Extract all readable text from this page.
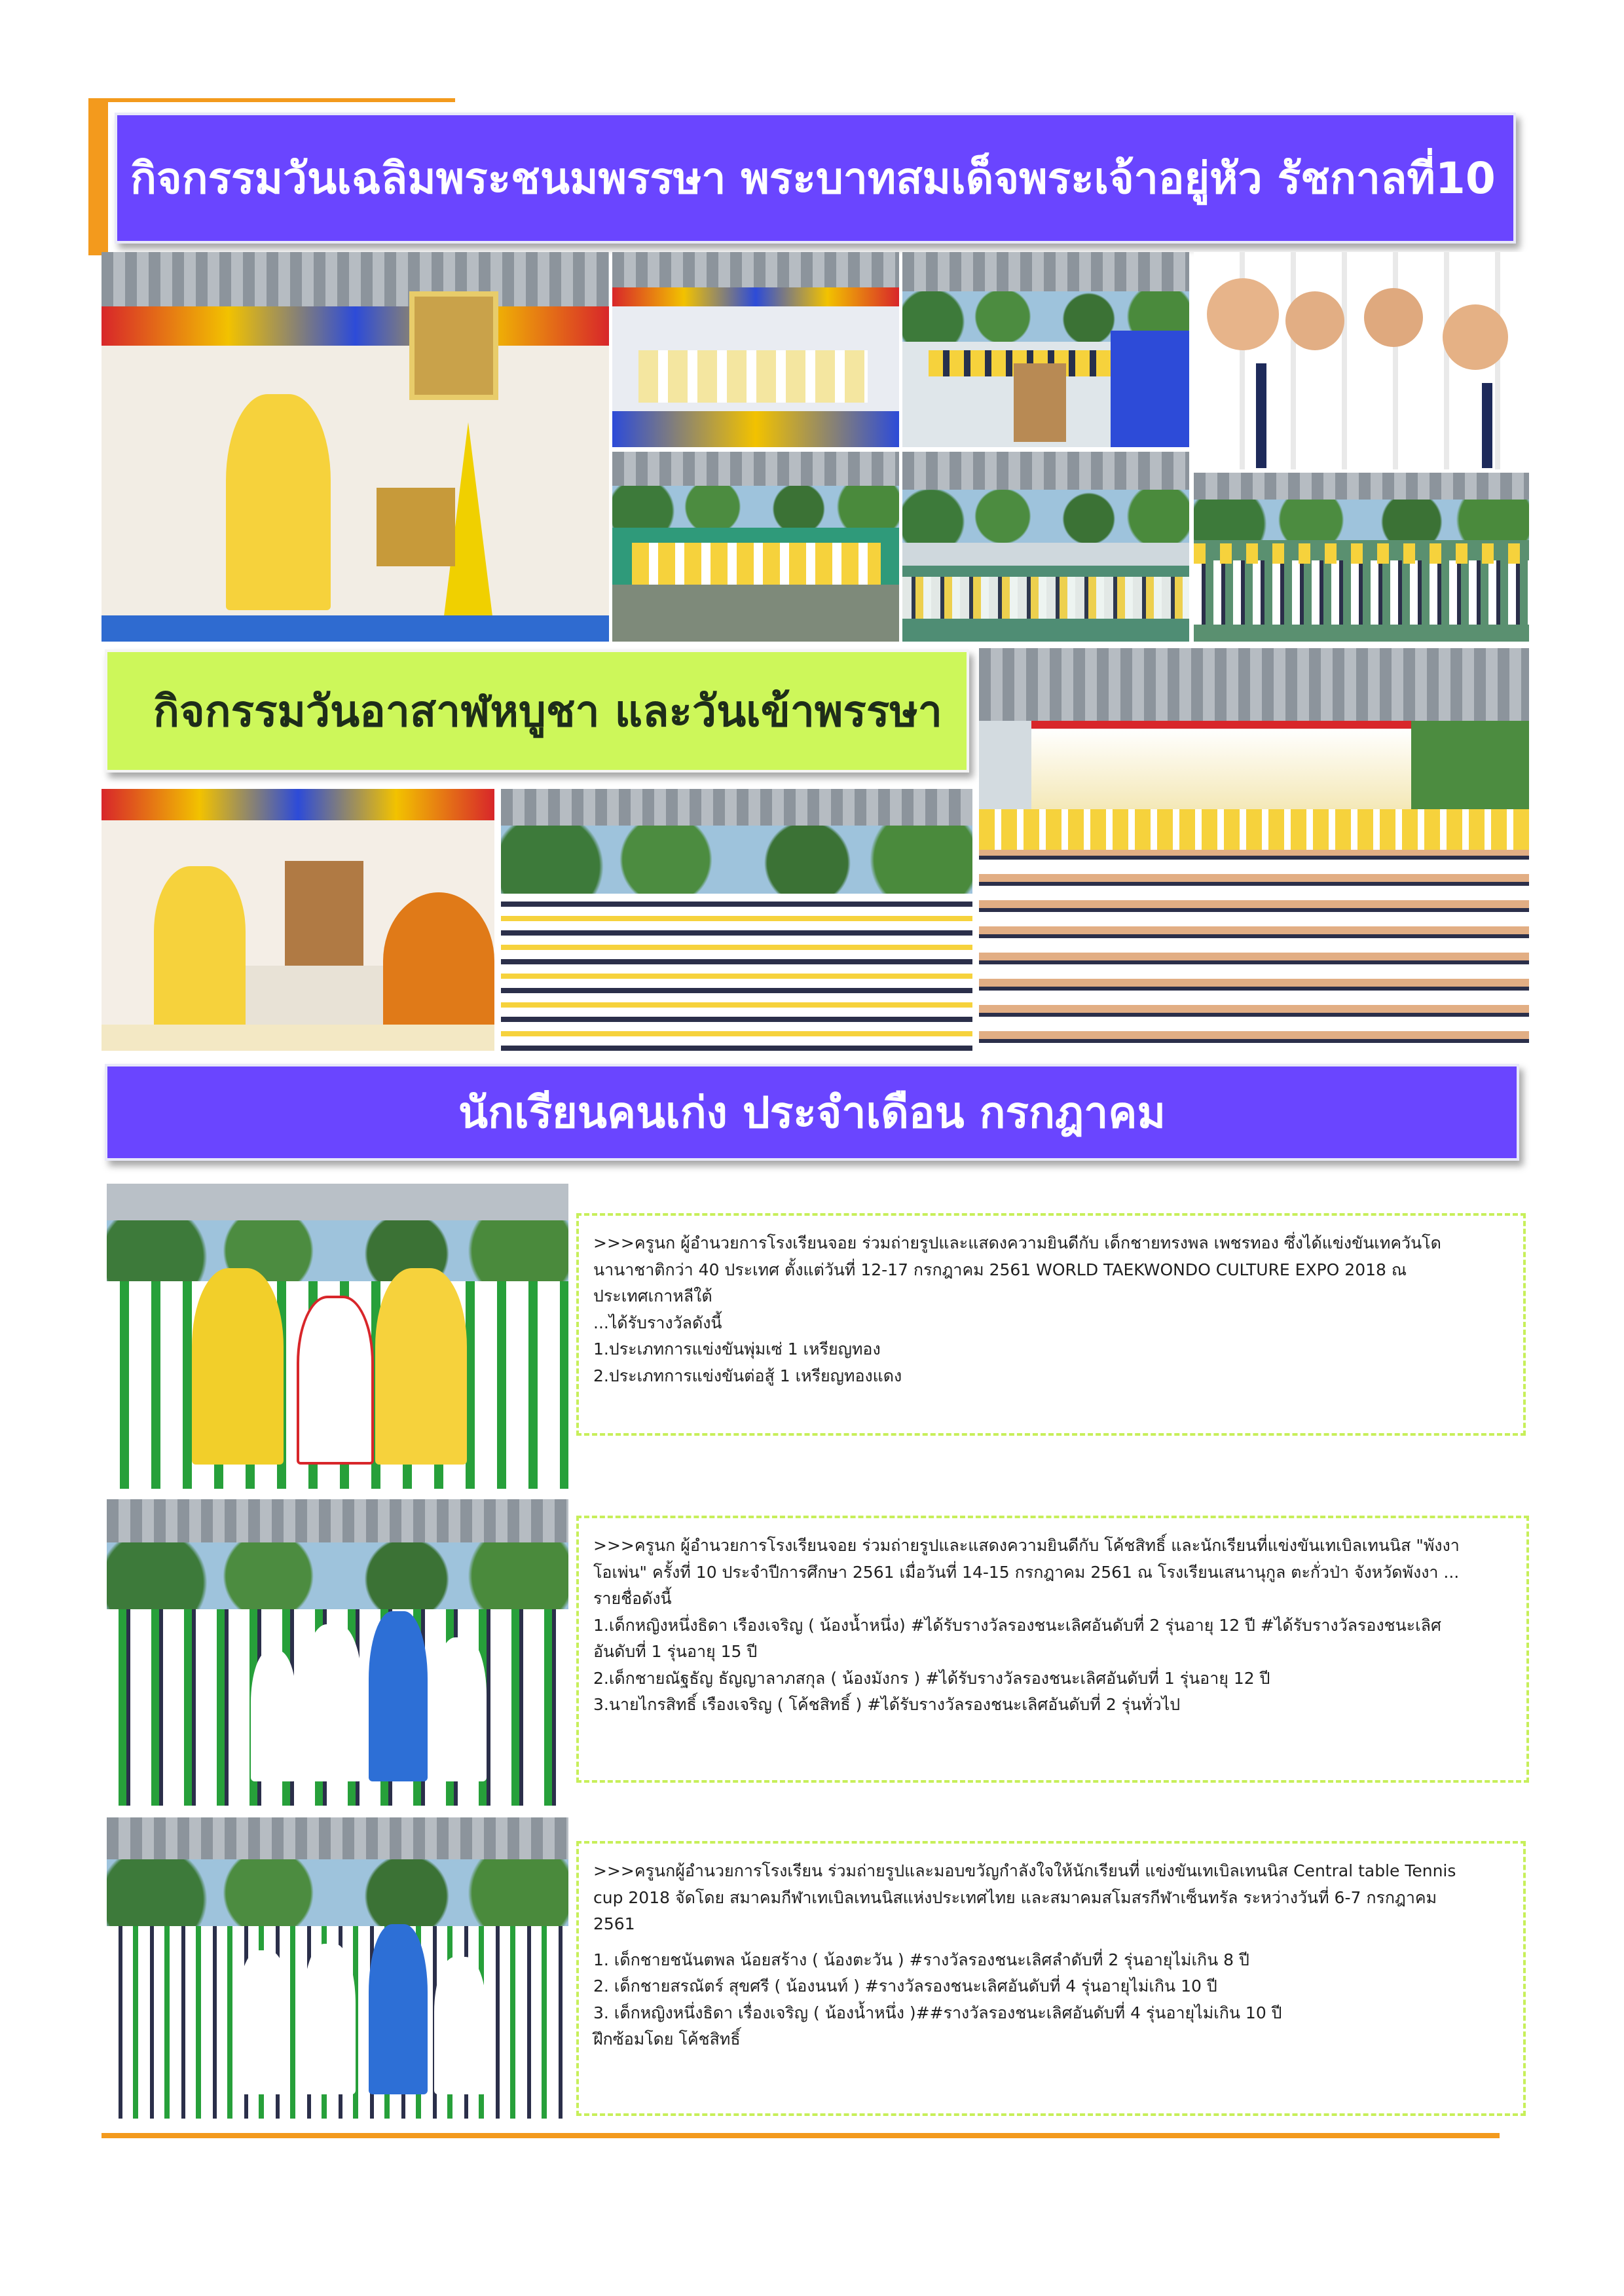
กิจกรรมวันเฉลิมพระชนมพรรษา พระบาทสมเด็จพระเจ้าอยู่หัว รัชกาลที่10
กิจกรรมวันอาสาฬหบูชา และวันเข้าพรรษา
นักเรียนคนเก่ง ประจำเดือน กรกฎาคม

>>>ครูนก ผู้อำนวยการโรงเรียนจอย ร่วมถ่ายรูปและแสดงความยินดีกับ เด็กชายทรงพล เพชรทอง ซึ่งได้แข่งขันเทควันโด

นานาชาติกว่า 40 ประเทศ ตั้งแต่วันที่ 12-17 กรกฎาคม 2561 WORLD TAEKWONDO CULTURE EXPO 2018 ณ

ประเทศเกาหลีใต้

...ได้รับรางวัลดังนี้

1.ประเภทการแข่งขันพุ่มเซ่ 1 เหรียญทอง

2.ประเภทการแข่งขันต่อสู้ 1 เหรียญทองแดง

>>>ครูนก ผู้อำนวยการโรงเรียนจอย ร่วมถ่ายรูปและแสดงความยินดีกับ โค้ชสิทธิ์ และนักเรียนที่แข่งขันเทเบิลเทนนิส "พังงา

โอเพ่น" ครั้งที่ 10 ประจำปีการศึกษา 2561 เมื่อวันที่ 14-15 กรกฎาคม 2561 ณ โรงเรียนเสนานุกูล ตะกั่วป่า จังหวัดพังงา ...

รายชื่อดังนี้

1.เด็กหญิงหนึ่งธิดา เรืองเจริญ ( น้องน้ำหนึ่ง) #ได้รับรางวัลรองชนะเลิศอันดับที่ 2 รุ่นอายุ 12 ปี #ได้รับรางวัลรองชนะเลิศ

อันดับที่ 1 รุ่นอายุ 15 ปี

2.เด็กชายณัฐธัญ ธัญญาลาภสกุล ( น้องมังกร ) #ได้รับรางวัลรองชนะเลิศอันดับที่ 1 รุ่นอายุ 12 ปี

3.นายไกรสิทธิ์ เรืองเจริญ ( โค้ชสิทธิ์ ) #ได้รับรางวัลรองชนะเลิศอันดับที่ 2 รุ่นทั่วไป

>>>ครูนกผู้อำนวยการโรงเรียน ร่วมถ่ายรูปและมอบขวัญกำลังใจให้นักเรียนที่ แข่งขันเทเบิลเทนนิส Central table Tennis

cup 2018 จัดโดย สมาคมกีฬาเทเบิลเทนนิสแห่งประเทศไทย และสมาคมสโมสรกีฬาเซ็นทรัล ระหว่างวันที่ 6-7 กรกฎาคม

2561

1. เด็กชายชนันตพล น้อยสร้าง ( น้องตะวัน ) #รางวัลรองชนะเลิศลำดับที่ 2 รุ่นอายุไม่เกิน 8 ปี

2. เด็กชายสรณัตร์ สุขศรี ( น้องนนท์ ) #รางวัลรองชนะเลิศอันดับที่ 4 รุ่นอายุไม่เกิน 10 ปี

3. เด็กหญิงหนึ่งธิดา เรื่องเจริญ ( น้องน้ำหนึ่ง )##รางวัลรองชนะเลิศอันดับที่ 4 รุ่นอายุไม่เกิน 10 ปี

ฝึกซ้อมโดย โค้ชสิทธิ์
